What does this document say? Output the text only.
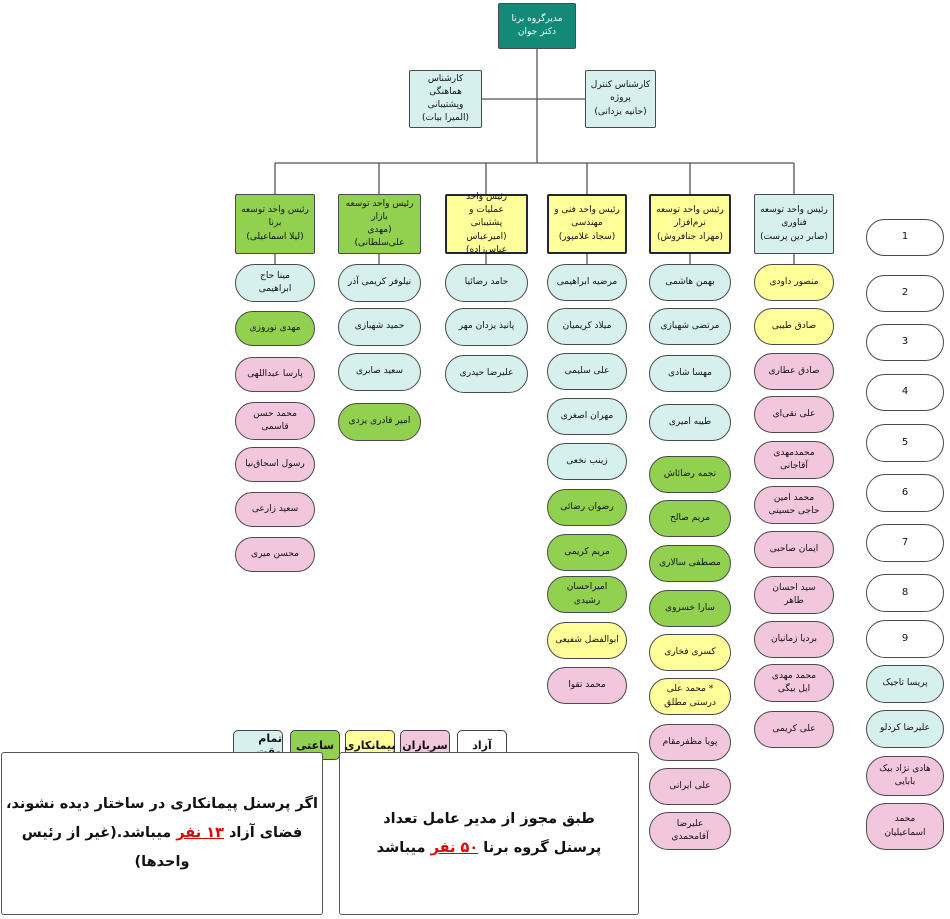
مدیرگروه برنا
دکتر جوان
کارشناس هماهنگی
وپشتیبانی
(المیرا بیات)
کارشناس کنترل
پروژه
(حانیه یزدانی)
رئیس واحد توسعه برنا
(لیلا اسماعیلی)
رئیس واحد توسعه
بازار
(مهدی علی‌سلطانی)
رئیس واحد عملیات و
پشتیبانی
(امیرعباس عباس‌زاده)
رئیس واحد فنی و
مهندسی
(سجاد غلامپور)
رئیس واحد توسعه
نرم‌افزار
(مهراد جنافروش)
رئیس واحد توسعه
فناوری
(صابر دین پرست)
مینا حاج
ابراهیمی
مهدی نوروزی
پارسا عبداللهی
محمد حسن
قاسمی
رسول اسحاق‌نیا
سعید زارعی
محسن میری
نیلوفر کریمی آذر
حمید شهبازی
سعید صابری
امیر قادری یزدی
حامد رضائیا
پانیذ یزدان مهر
علیرضا حیدری
مرضیه ابراهیمی
میلاد کریمیان
علی سلیمی
مهران اصغری
زینب نخعی
رضوان رضائی
مریم کریمی
امیراحسان
رشیدی
ابوالفضل شفیعی
محمد تقوا
بهمن هاشمی
مرتضی شهبازی
مهسا شادی
طیبه امیری
نجمه رضائاش
مریم صالح
مصطفی سالاری
سارا خسروی
کسری فخاری
* محمد علی
درستی مطلق
پویا مظفرمقام
علی ایرانی
علیرضا
آقامحمدی
منصور داودی
صادق طیبی
صادق عطاری
علی نقی‌ای
محمدمهدی
آقاجانی
محمد امین
حاجی حسینی
ایمان صاحبی
سید احسان
طاهر
بردیا زمانیان
محمد مهدی
ایل بیگی
علی کریمی
1
2
3
4
5
6
7
8
9
پریسا تاجیک
علیرضا کردلو
هادی نژاد بیک
بابایی
محمد
اسماعیلیان
تمام	ساعتی پیمانکاری سربازان	آزاد
اگر پرسنل پیمانکاری در ساختار دیده نشوند،
فضای آزاد ۱۳ نفر میباشد.(غیر از رئیس واحدها)
طبق مجوز از مدیر عامل تعداد
پرسنل گروه برنا ۵۰ نفر میباشد
